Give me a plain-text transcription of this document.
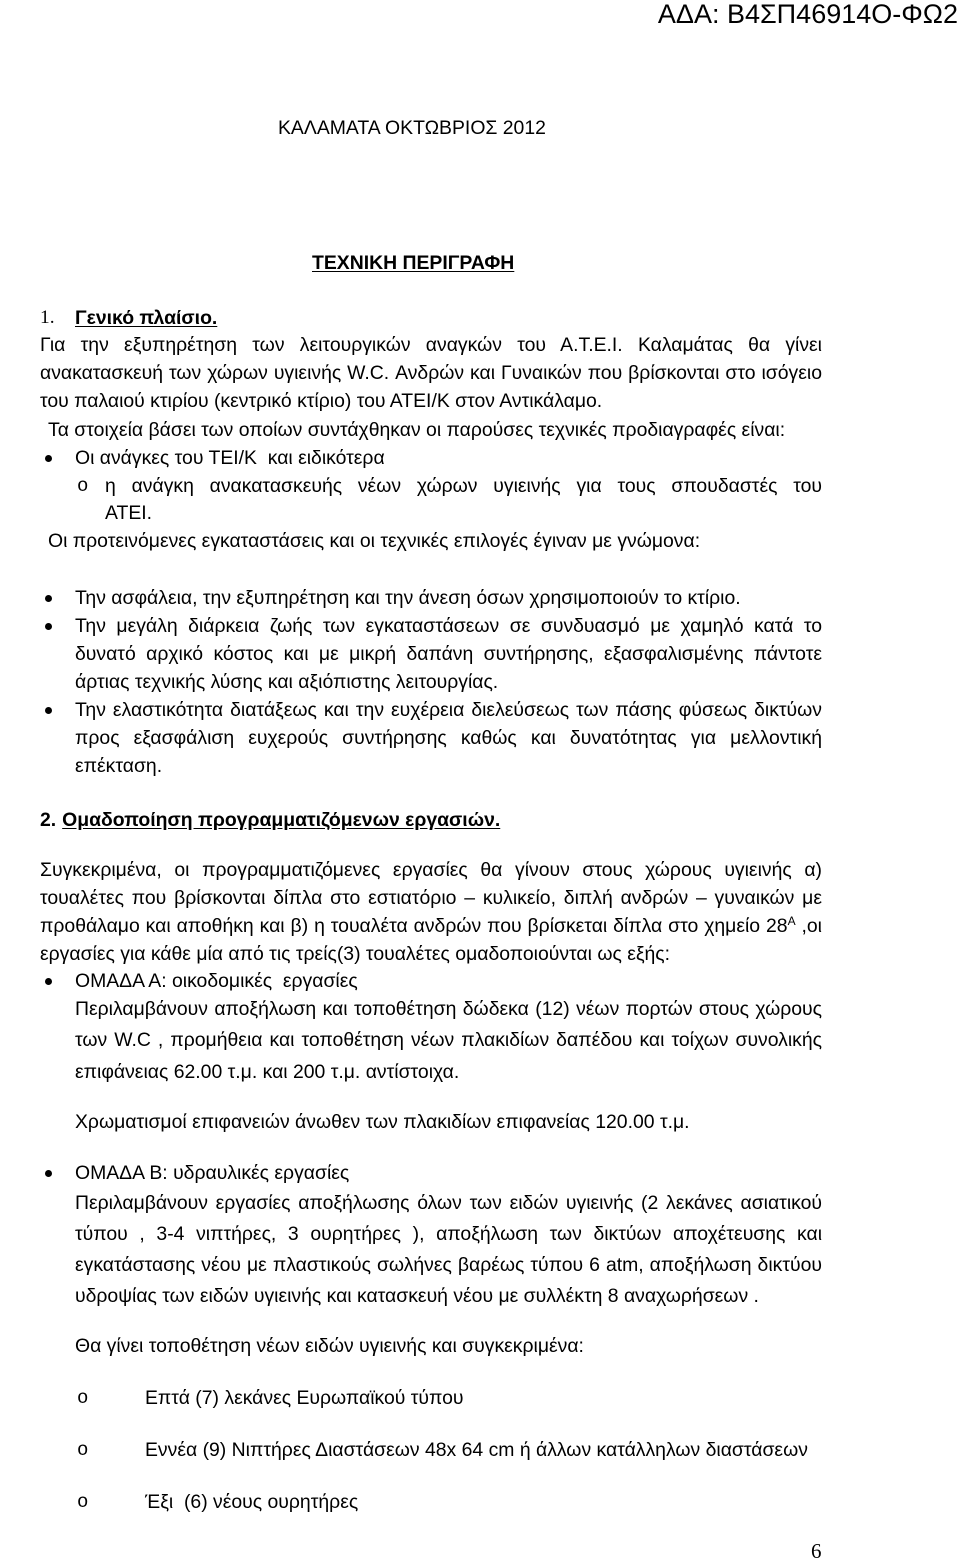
ΑΔΑ: Β4ΣΠ46914Ο-ΦΩ2
ΚΑΛΑΜΑΤΑ ΟΚΤΩΒΡΙΟΣ 2012
ΤΕΧΝΙΚΗ ΠΕΡΙΓΡΑΦΗ
1. Γενικό πλαίσιο.
Για την εξυπηρέτηση των λειτουργικών αναγκών του Α.Τ.Ε.Ι. Καλαμάτας θα γίνει
ανακατασκευή των χώρων υγιεινής W.C. Ανδρών και Γυναικών που βρίσκονται στο ισόγειο
του παλαιού κτιρίου (κεντρικό κτίριο) του ΑΤΕΙ/Κ στον Αντικάλαμο.
Τα στοιχεία βάσει των οποίων συντάχθηκαν οι παρούσες τεχνικές προδιαγραφές είναι:
Οι ανάγκες του ΤΕΙ/Κ  και ειδικότερα
o η ανάγκη ανακατασκευής νέων χώρων υγιεινής για τους σπουδαστές του
ΑΤΕΙ.
Οι προτεινόμενες εγκαταστάσεις και οι τεχνικές επιλογές έγιναν με γνώμονα:
Την ασφάλεια, την εξυπηρέτηση και την άνεση όσων χρησιμοποιούν το κτίριο.
Την μεγάλη διάρκεια ζωής των εγκαταστάσεων σε συνδυασμό με χαμηλό κατά το
δυνατό αρχικό κόστος και με μικρή δαπάνη συντήρησης, εξασφαλισμένης πάντοτε
άρτιας τεχνικής λύσης και αξιόπιστης λειτουργίας.
Την ελαστικότητα διατάξεως και την ευχέρεια διελεύσεως των πάσης φύσεως δικτύων
προς εξασφάλιση ευχερούς συντήρησης καθώς και δυνατότητας για μελλοντική
επέκταση.
2. Ομαδοποίηση προγραμματιζόμενων εργασιών.
Συγκεκριμένα, οι προγραμματιζόμενες εργασίες θα γίνουν στους χώρους υγιεινής α)
τουαλέτες που βρίσκονται δίπλα στο εστιατόριο – κυλικείο, διπλή ανδρών – γυναικών με
προθάλαμο και αποθήκη και β) η τουαλέτα ανδρών που βρίσκεται δίπλα στο χημείο $28^A$ ,οι
εργασίες για κάθε μία από τις τρείς(3) τουαλέτες ομαδοποιούνται ως εξής:
ΟΜΑΔΑ Α: οικοδομικές  εργασίες
Περιλαμβάνουν αποξήλωση και τοποθέτηση δώδεκα (12) νέων πορτών στους χώρους
των W.C , προμήθεια και τοποθέτηση νέων πλακιδίων δαπέδου και τοίχων συνολικής
επιφάνειας 62.00 τ.μ. και 200 τ.μ. αντίστοιχα.
Χρωματισμοί επιφανειών άνωθεν των πλακιδίων επιφανείας 120.00 τ.μ.
ΟΜΑΔΑ Β: υδραυλικές εργασίες
Περιλαμβάνουν εργασίες αποξήλωσης όλων των ειδών υγιεινής (2 λεκάνες ασιατικού
τύπου , 3-4 νιπτήρες, 3 ουρητήρες ), αποξήλωση των δικτύων αποχέτευσης και
εγκατάστασης νέου με πλαστικούς σωλήνες βαρέως τύπου 6 atm, αποξήλωση δικτύου
υδροψίας των ειδών υγιεινής και κατασκευή νέου με συλλέκτη 8 αναχωρήσεων .
Θα γίνει τοποθέτηση νέων ειδών υγιεινής και συγκεκριμένα:
o	Επτά (7) λεκάνες Ευρωπαϊκού τύπου
o	Εννέα (9) Νιπτήρες Διαστάσεων 48x 64 cm ή άλλων κατάλληλων διαστάσεων
o	Έξι  (6) νέους ουρητήρες
6
